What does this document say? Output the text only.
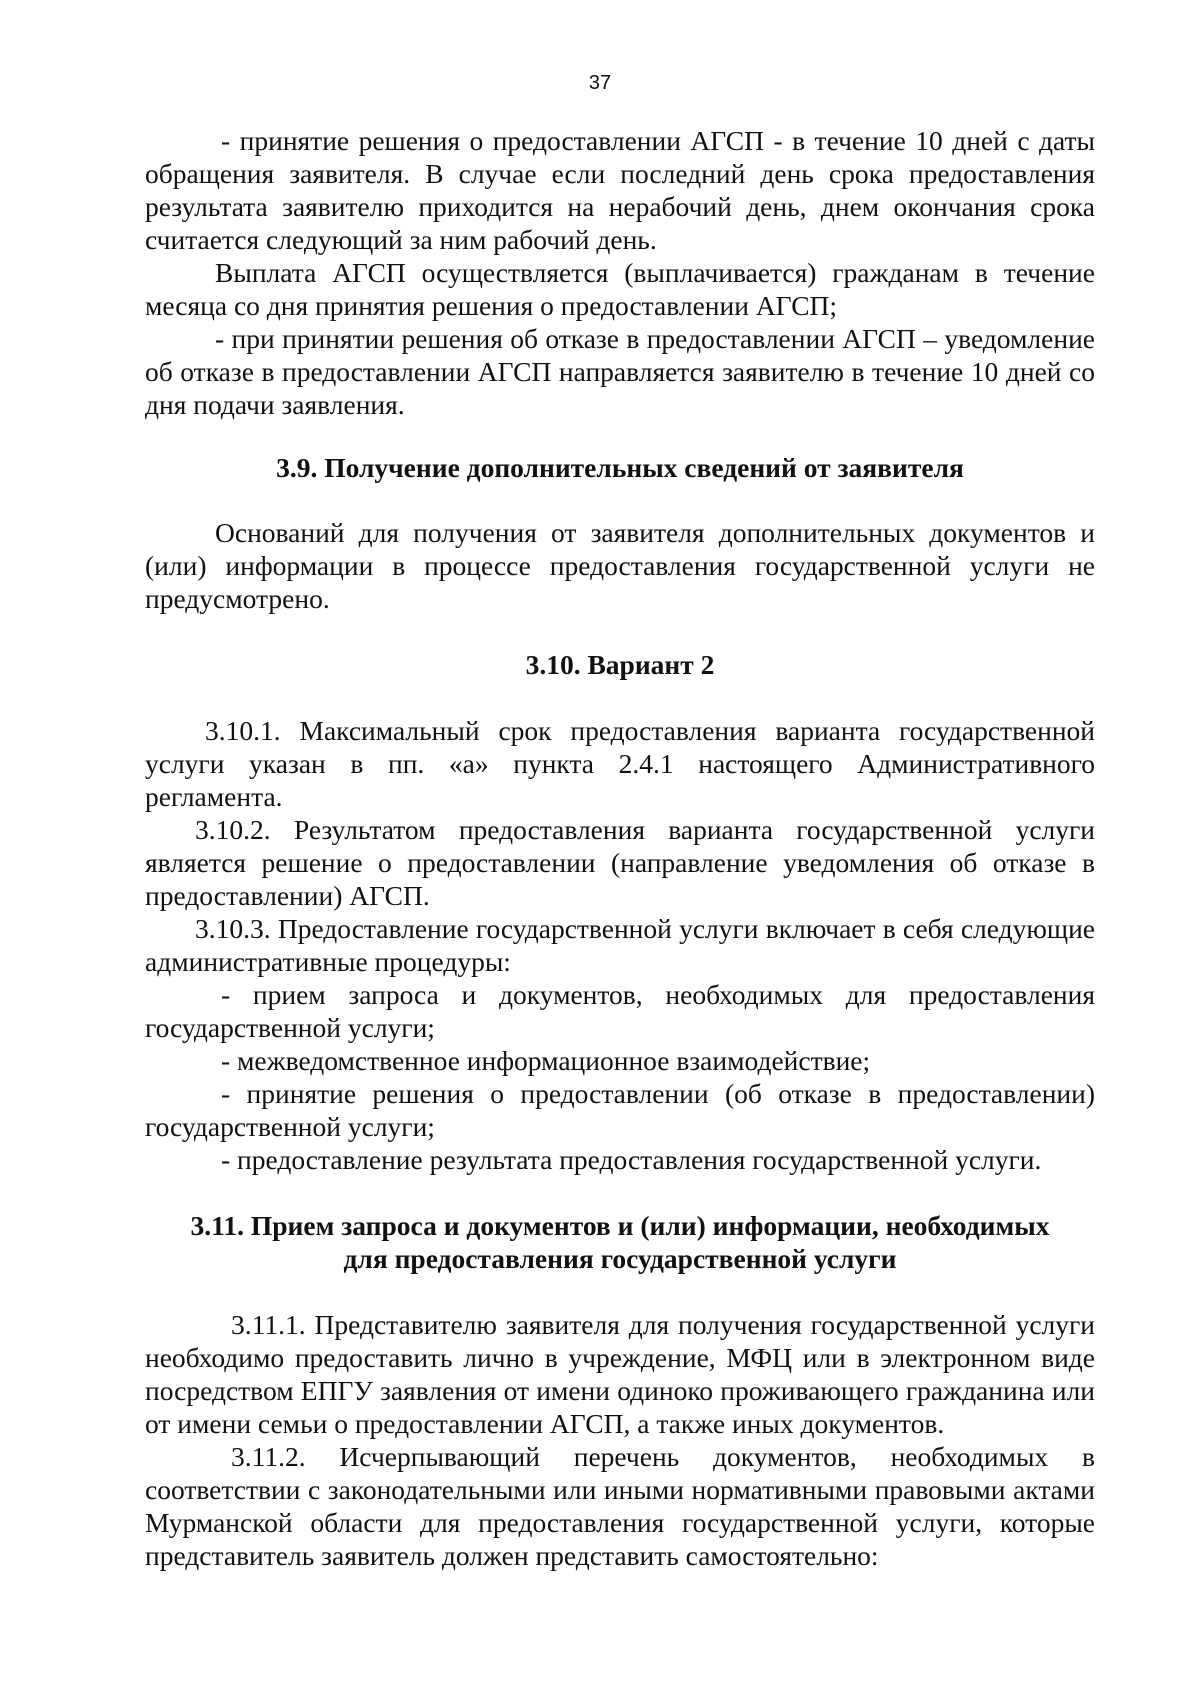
37

- принятие решения о предоставлении АГСП - в течение 10 дней с даты обращения заявителя. В случае если последний день срока предоставления результата заявителю приходится на нерабочий день, днем окончания срока считается следующий за ним рабочий день.

Выплата АГСП осуществляется (выплачивается) гражданам в течение месяца со дня принятия решения о предоставлении АГСП;

- при принятии решения об отказе в предоставлении АГСП – уведомление об отказе в предоставлении АГСП направляется заявителю в течение 10 дней со дня подачи заявления.

3.9. Получение дополнительных сведений от заявителя

Оснований для получения от заявителя дополнительных документов и (или) информации в процессе предоставления государственной услуги не предусмотрено.

3.10. Вариант 2

3.10.1. Максимальный срок предоставления варианта государственной услуги указан в пп. «а» пункта 2.4.1 настоящего Административного регламента.

3.10.2. Результатом предоставления варианта государственной услуги является решение о предоставлении (направление уведомления об отказе в предоставлении) АГСП.

3.10.3. Предоставление государственной услуги включает в себя следующие административные процедуры:

- прием запроса и документов, необходимых для предоставления государственной услуги;

- межведомственное информационное взаимодействие;

- принятие решения о предоставлении (об отказе в предоставлении) государственной услуги;

- предоставление результата предоставления государственной услуги.

3.11. Прием запроса и документов и (или) информации, необходимых
для предоставления государственной услуги

3.11.1. Представителю заявителя для получения государственной услуги необходимо предоставить лично в учреждение, МФЦ или в электронном виде посредством ЕПГУ заявления от имени одиноко проживающего гражданина или от имени семьи о предоставлении АГСП, а также иных документов.

3.11.2. Исчерпывающий перечень документов, необходимых в соответствии с законодательными или иными нормативными правовыми актами Мурманской области для предоставления государственной услуги, которые представитель заявитель должен представить самостоятельно:
